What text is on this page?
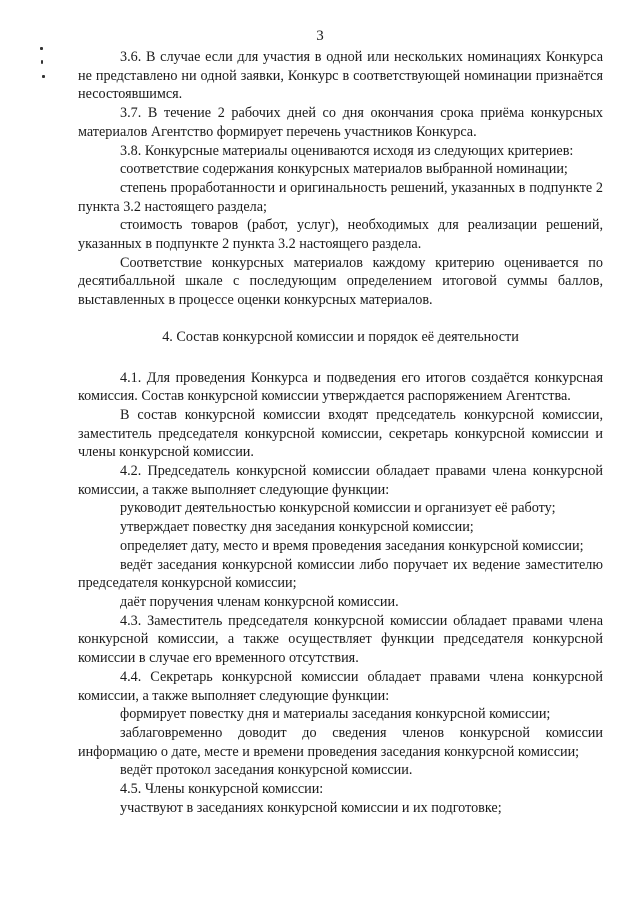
3

3.6. В случае если для участия в одной или нескольких номинациях Конкурса не представлено ни одной заявки, Конкурс в соответствующей номинации признаётся несостоявшимся.

3.7. В течение 2 рабочих дней со дня окончания срока приёма конкурсных материалов Агентство формирует перечень участников Конкурса.

3.8. Конкурсные материалы оцениваются исходя из следующих критериев:

соответствие содержания конкурсных материалов выбранной номинации;

степень проработанности и оригинальность решений, указанных в подпункте 2 пункта 3.2 настоящего раздела;

стоимость товаров (работ, услуг), необходимых для реализации решений, указанных в подпункте 2 пункта 3.2 настоящего раздела.

Соответствие конкурсных материалов каждому критерию оценивается по десятибалльной шкале с последующим определением итоговой суммы баллов, выставленных в процессе оценки конкурсных материалов.

4. Состав конкурсной комиссии и порядок её деятельности

4.1. Для проведения Конкурса и подведения его итогов создаётся конкурсная комиссия. Состав конкурсной комиссии утверждается распоряжением Агентства.

В состав конкурсной комиссии входят председатель конкурсной комиссии, заместитель председателя конкурсной комиссии, секретарь конкурсной комиссии и члены конкурсной комиссии.

4.2. Председатель конкурсной комиссии обладает правами члена конкурсной комиссии, а также выполняет следующие функции:

руководит деятельностью конкурсной комиссии и организует её работу;

утверждает повестку дня заседания конкурсной комиссии;

определяет дату, место и время проведения заседания конкурсной комиссии;

ведёт заседания конкурсной комиссии либо поручает их ведение заместителю председателя конкурсной комиссии;

даёт поручения членам конкурсной комиссии.

4.3. Заместитель председателя конкурсной комиссии обладает правами члена конкурсной комиссии, а также осуществляет функции председателя конкурсной комиссии в случае его временного отсутствия.

4.4. Секретарь конкурсной комиссии обладает правами члена конкурсной комиссии, а также выполняет следующие функции:

формирует повестку дня и материалы заседания конкурсной комиссии;

заблаговременно доводит до сведения членов конкурсной комиссии информацию о дате, месте и времени проведения заседания конкурсной комиссии;

ведёт протокол заседания конкурсной комиссии.

4.5. Члены конкурсной комиссии:

участвуют в заседаниях конкурсной комиссии и их подготовке;
